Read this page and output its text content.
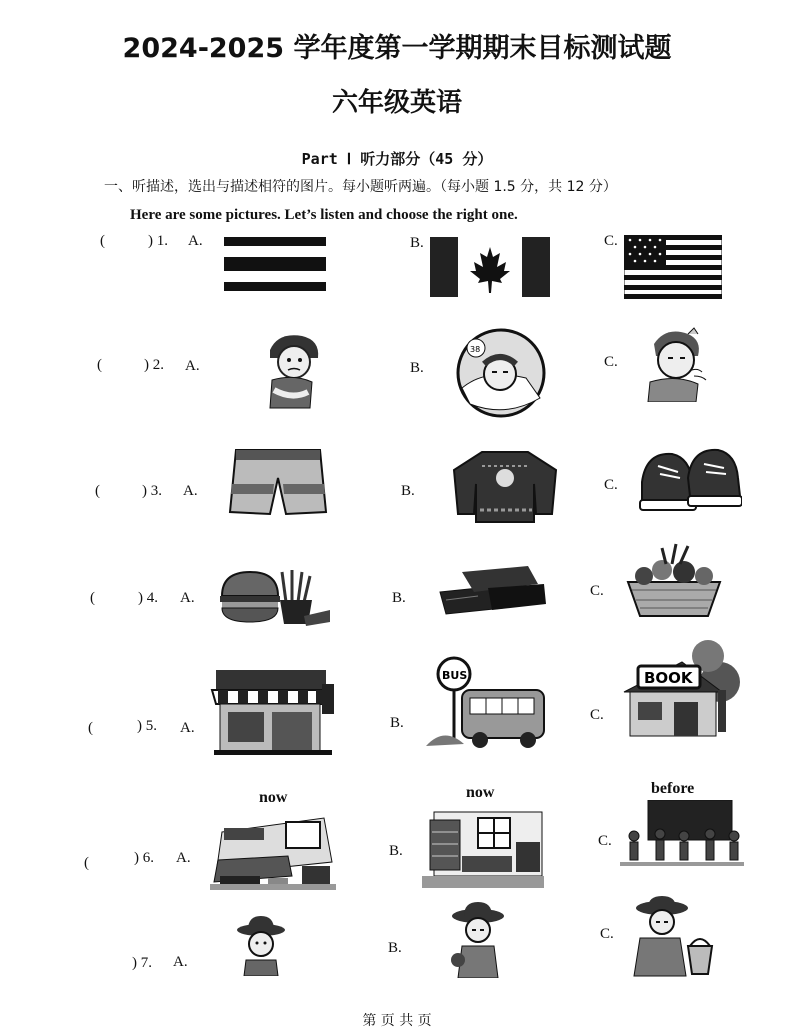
2024-2025 学年度第一学期期末目标测试题
六年级英语
Part Ⅰ 听力部分（45 分）
一、听描述，选出与描述相符的图片。每小题听两遍。（每小题 1.5 分，共 12 分）
Here are some pictures. Let’s listen and choose the right one.
(	) 1. A.	B.	C.
(	) 2. A.	B.
38
C.
(	) 3. A.	B.	C.
(	) 4. A.	B.	C.
(	) 5. A.	B.
BUS
C.
BOOK
(	) 6. A.
now
B.
now
C.
before
) 7. A.
B.
C.
第 页 共 页
